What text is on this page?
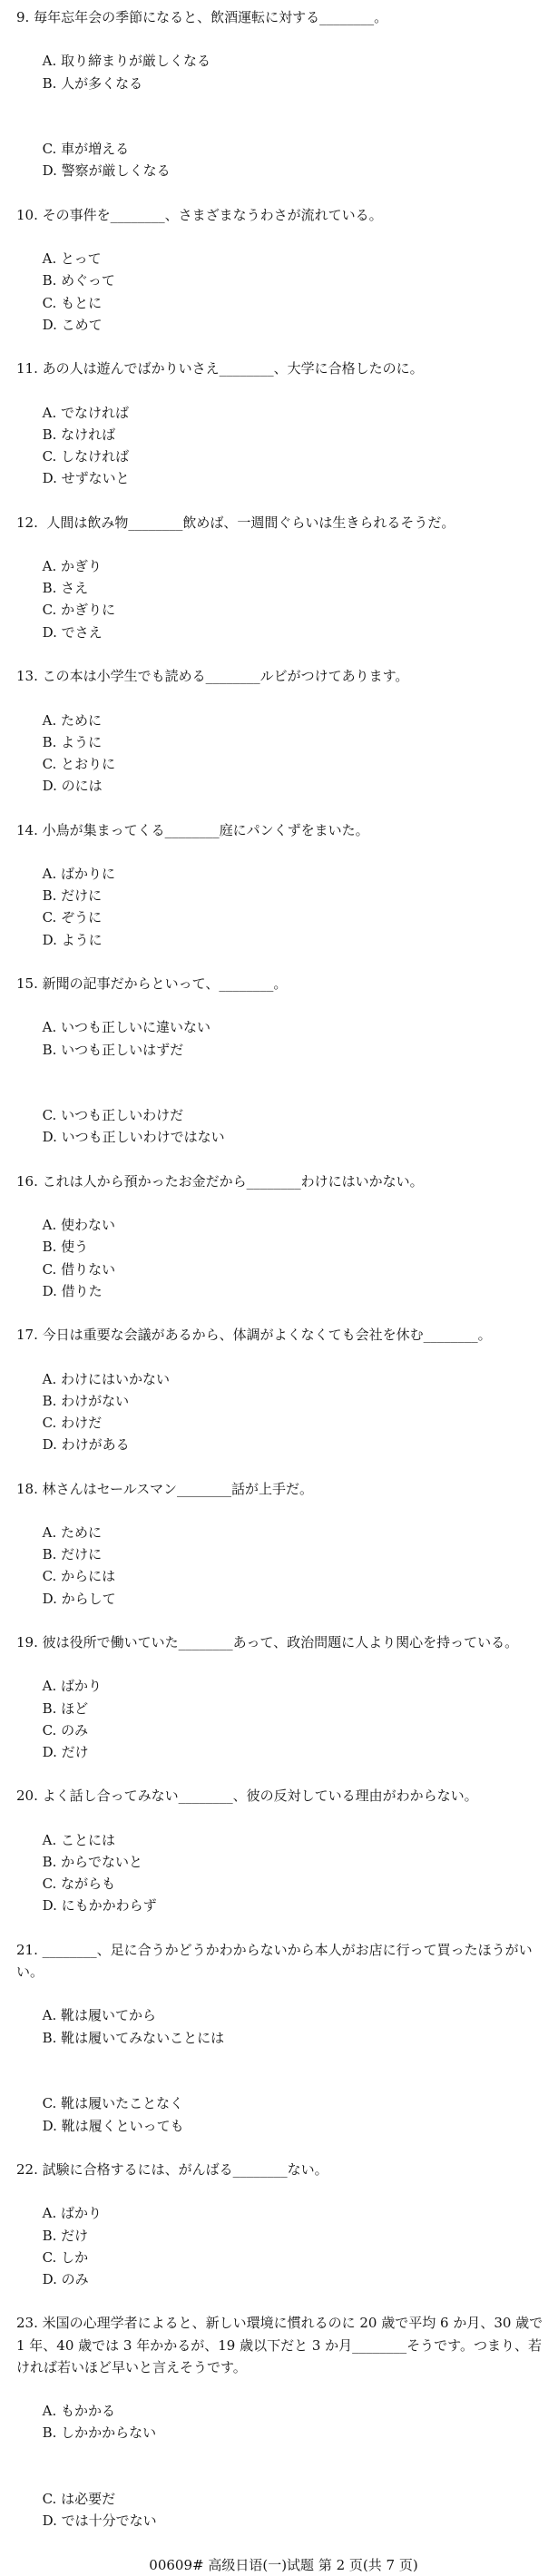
9. 毎年忘年会の季節になると、飲酒運転に対する________。

A. 取り締まりが厳しくなる
B. 人が多くなる

C. 車が増える
D. 警察が厳しくなる

10. その事件を________、さまざまなうわさが流れている。

A. とって
B. めぐって
C. もとに
D. こめて

11. あの人は遊んでばかりいさえ________、大学に合格したのに。

A. でなければ
B. なければ
C. しなければ
D. せずないと

12.  人間は飲み物________飲めば、一週間ぐらいは生きられるそうだ。

A. かぎり
B. さえ
C. かぎりに
D. でさえ

13. この本は小学生でも読める________ルビがつけてあります。

A. ために
B. ように
C. とおりに
D. のには

14. 小鳥が集まってくる________庭にパンくずをまいた。

A. ばかりに
B. だけに
C. ぞうに
D. ように

15. 新聞の記事だからといって、________。

A. いつも正しいに違いない
B. いつも正しいはずだ

C. いつも正しいわけだ
D. いつも正しいわけではない

16. これは人から預かったお金だから________わけにはいかない。

A. 使わない
B. 使う
C. 借りない
D. 借りた

17. 今日は重要な会議があるから、体調がよくなくても会社を休む________。

A. わけにはいかない
B. わけがない
C. わけだ
D. わけがある

18. 林さんはセールスマン________話が上手だ。

A. ために
B. だけに
C. からには
D. からして

19. 彼は役所で働いていた________あって、政治問題に人より関心を持っている。

A. ばかり
B. ほど
C. のみ
D. だけ

20. よく話し合ってみない________、彼の反対している理由がわからない。

A. ことには
B. からでないと
C. ながらも
D. にもかかわらず

21. ________、足に合うかどうかわからないから本人がお店に行って買ったほうがいい。

A. 靴は履いてから
B. 靴は履いてみないことには

C. 靴は履いたことなく
D. 靴は履くといっても

22. 試験に合格するには、がんばる________ない。

A. ばかり
B. だけ
C. しか
D. のみ

23. 米国の心理学者によると、新しい環境に慣れるのに 20 歳で平均 6 か月、30 歳で 1 年、40 歳では 3 年かかるが、19 歳以下だと 3 か月________そうです。つまり、若ければ若いほど早いと言えそうです。

A. もかかる
B. しかかからない

C. は必要だ
D. では十分でない

00609# 高级日语(一)试题 第 2 页(共 7 页)
